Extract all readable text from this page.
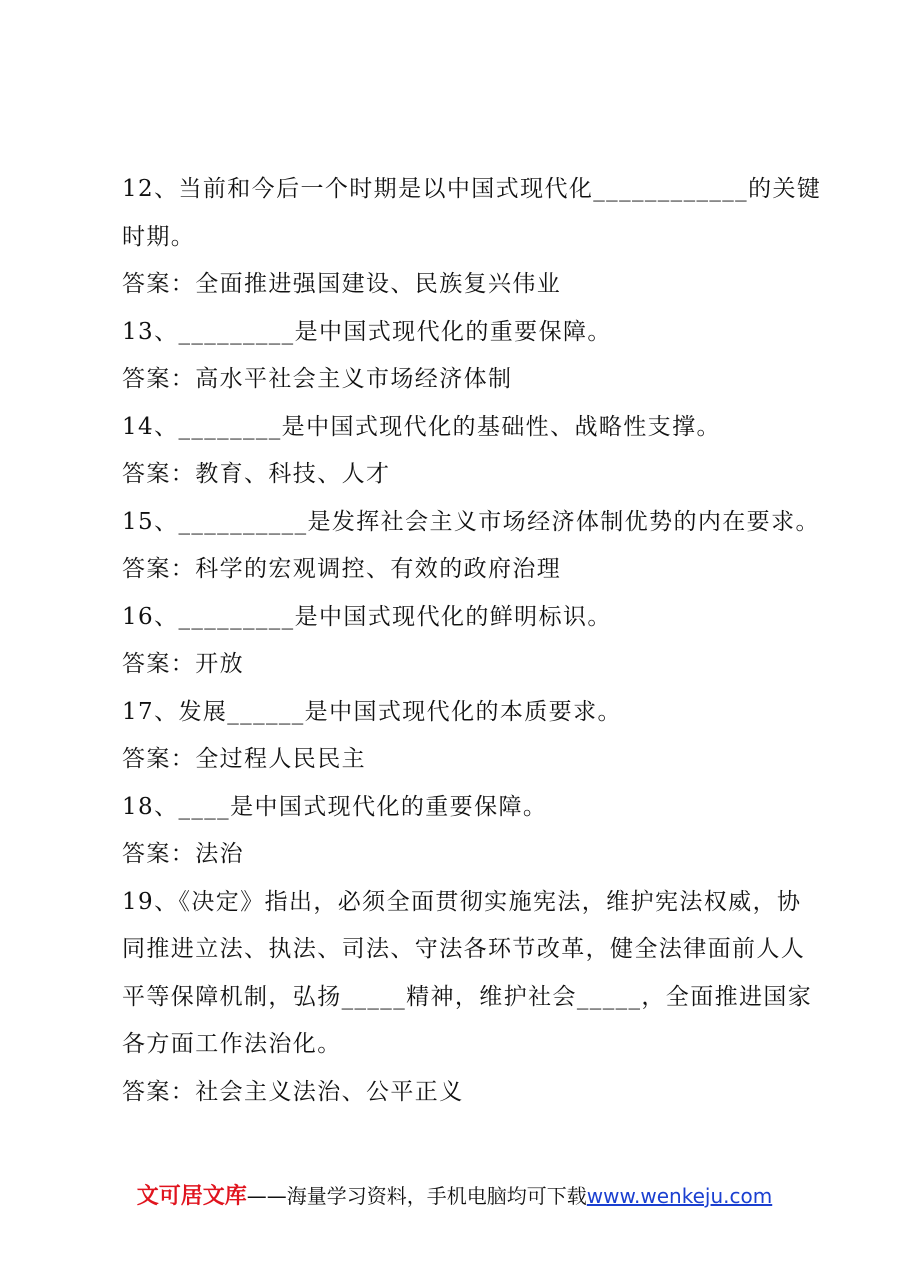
12、当前和今后一个时期是以中国式现代化____________的关键
时期。
答案：全面推进强国建设、民族复兴伟业
13、_________是中国式现代化的重要保障。
答案：高水平社会主义市场经济体制
14、________是中国式现代化的基础性、战略性支撑。
答案：教育、科技、人才
15、__________是发挥社会主义市场经济体制优势的内在要求。
答案：科学的宏观调控、有效的政府治理
16、_________是中国式现代化的鲜明标识。
答案：开放
17、发展______是中国式现代化的本质要求。
答案：全过程人民民主
18、____是中国式现代化的重要保障。
答案：法治
19、《决定》指出，必须全面贯彻实施宪法，维护宪法权威，协
同推进立法、执法、司法、守法各环节改革，健全法律面前人人
平等保障机制，弘扬_____精神，维护社会_____，全面推进国家
各方面工作法治化。
答案：社会主义法治、公平正义
文可居文库——海量学习资料，手机电脑均可下载www.wenkeju.com
